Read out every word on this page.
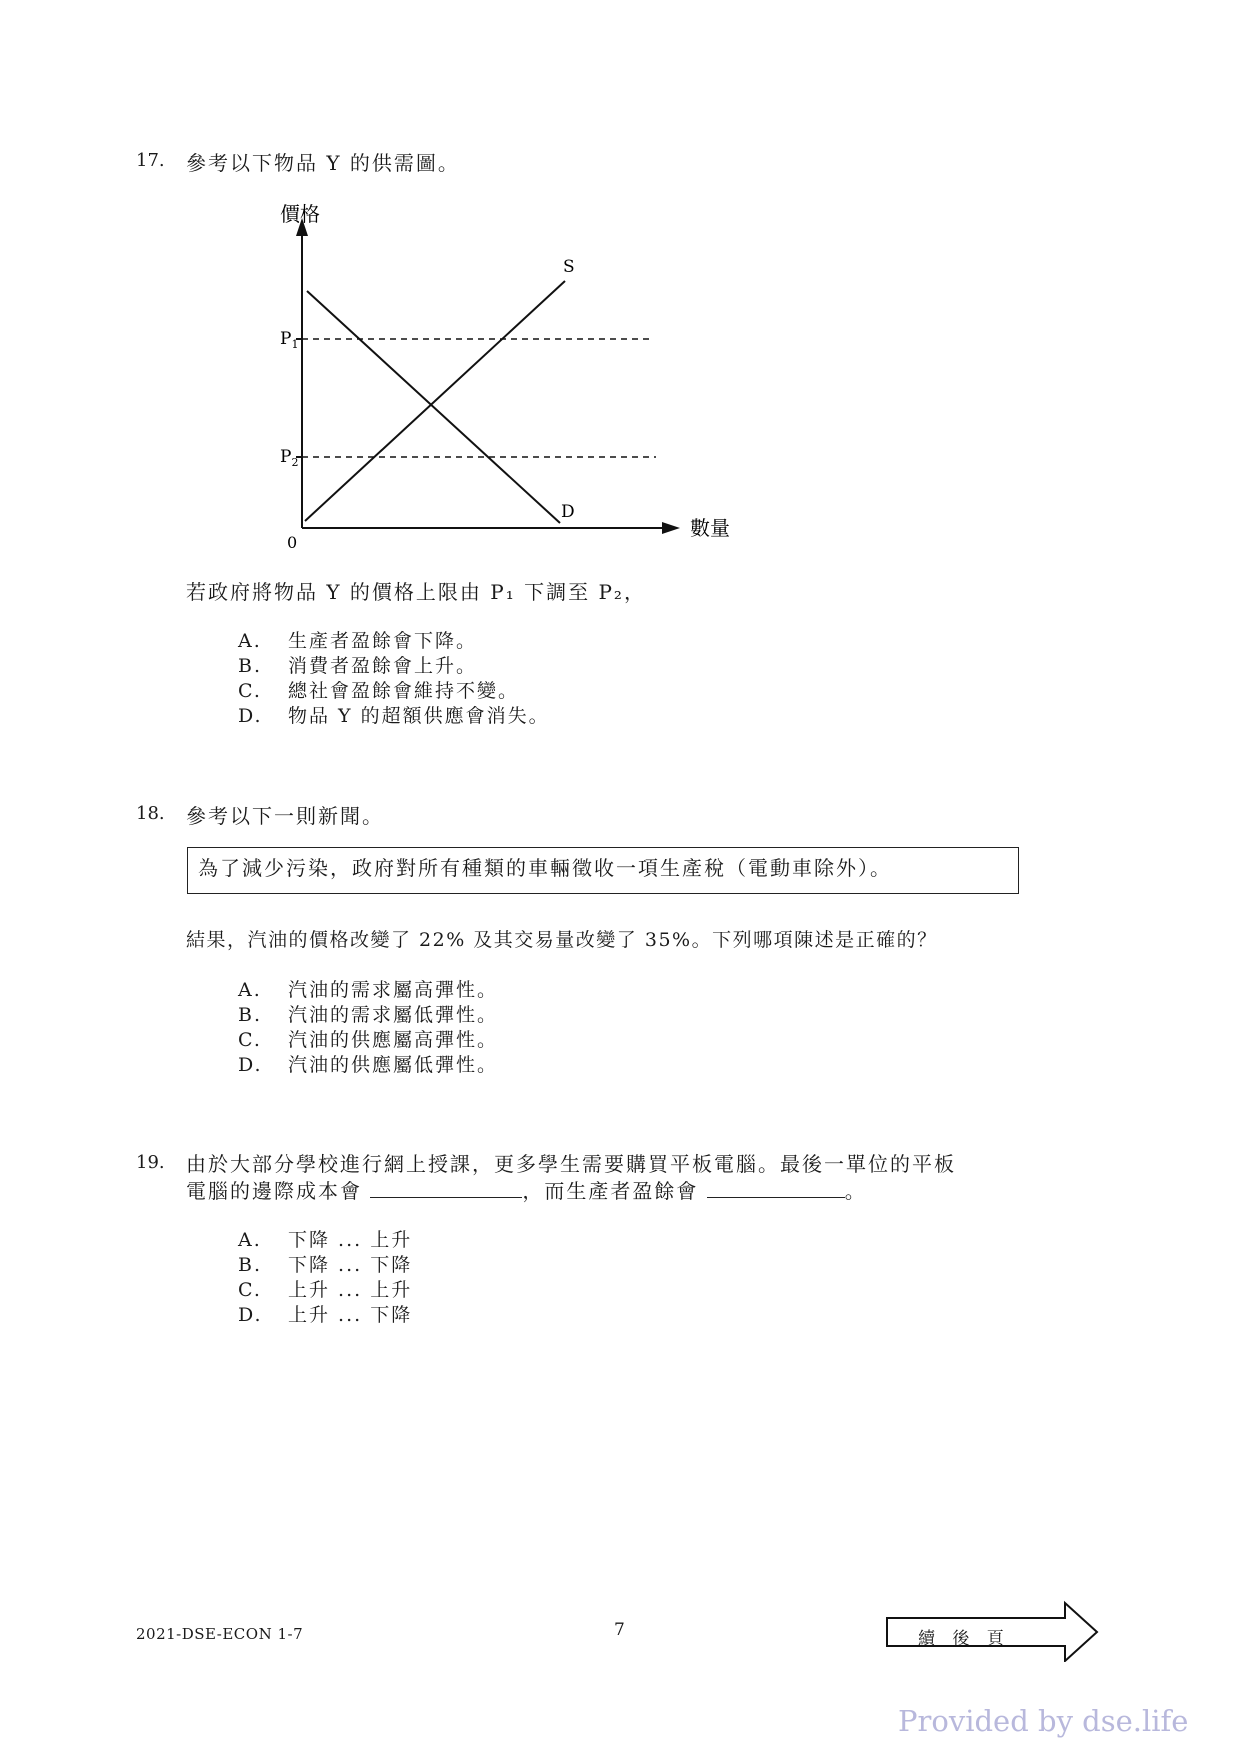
17. 參考以下物品 Y 的供需圖。
價格
數量
0
$P_1$
$P_2$
S
D
若政府將物品 Y 的價格上限由 P₁ 下調至 P₂，
A. 生產者盈餘會下降。
B. 消費者盈餘會上升。
C. 總社會盈餘會維持不變。
D. 物品 Y 的超額供應會消失。
18. 參考以下一則新聞。
為了減少污染，政府對所有種類的車輛徵收一項生產稅（電動車除外）。
結果，汽油的價格改變了 22% 及其交易量改變了 35%。下列哪項陳述是正確的？
A. 汽油的需求屬高彈性。
B. 汽油的需求屬低彈性。
C. 汽油的供應屬高彈性。
D. 汽油的供應屬低彈性。
19. 由於大部分學校進行網上授課，更多學生需要購買平板電腦。最後一單位的平板
電腦的邊際成本會	，而生產者盈餘會	。
A. 下降 ... 上升
B. 下降 ... 下降
C. 上升 ... 上升
D. 上升 ... 下降
2021-DSE-ECON 1-7	7	續 後 頁
Provided by dse.life
